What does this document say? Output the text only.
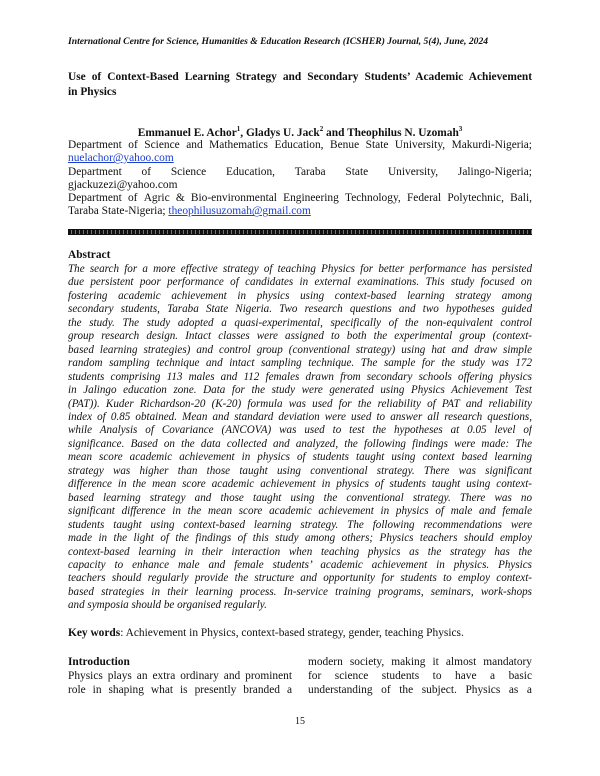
International Centre for Science, Humanities & Education Research (ICSHER) Journal, 5(4), June, 2024
Use of Context-Based Learning Strategy and Secondary Students’ Academic Achievement
in Physics
Emmanuel E. Achor$^1$, Gladys U. Jack$^2$ and Theophilus N. Uzomah$^3$
Department of Science and Mathematics Education, Benue State University, Makurdi-Nigeria;
nuelachor@yahoo.com
Department of Science Education, Taraba State University, Jalingo-Nigeria;
gjackuzezi@yahoo.com
Department of Agric & Bio-environmental Engineering Technology, Federal Polytechnic, Bali,
Taraba State-Nigeria; theophilusuzomah@gmail.com
Abstract
The search for a more effective strategy of teaching Physics for better performance has persisted
due persistent poor performance of candidates in external examinations. This study focused on
fostering academic achievement in physics using context-based learning strategy among
secondary students, Taraba State Nigeria. Two research questions and two hypotheses guided
the study. The study adopted a quasi-experimental, specifically of the non-equivalent control
group research design. Intact classes were assigned to both the experimental group (context-
based learning strategies) and control group (conventional strategy) using hat and draw simple
random sampling technique and intact sampling technique. The sample for the study was 172
students comprising 113 males and 112 females drawn from secondary schools offering physics
in Jalingo education zone. Data for the study were generated using Physics Achievement Test
(PAT)). Kuder Richardson-20 (K-20) formula was used for the reliability of PAT and reliability
index of 0.85 obtained. Mean and standard deviation were used to answer all research questions,
while Analysis of Covariance (ANCOVA) was used to test the hypotheses at 0.05 level of
significance. Based on the data collected and analyzed, the following findings were made: The
mean score academic achievement in physics of students taught using context based learning
strategy was higher than those taught using conventional strategy. There was significant
difference in the mean score academic achievement in physics of students taught using context-
based learning strategy and those taught using the conventional strategy. There was no
significant difference in the mean score academic achievement in physics of male and female
students taught using context-based learning strategy. The following recommendations were
made in the light of the findings of this study among others; Physics teachers should employ
context-based learning in their interaction when teaching physics as the strategy has the
capacity to enhance male and female students’ academic achievement in physics. Physics
teachers should regularly provide the structure and opportunity for students to employ context-
based strategies in their learning process. In-service training programs, seminars, work-shops
and symposia should be organised regularly.
Key words: Achievement in Physics, context-based strategy, gender, teaching Physics.
Introduction
Physics plays an extra ordinary and prominent
role in shaping what is presently branded a
modern society, making it almost mandatory
for science students to have a basic
understanding of the subject. Physics as a
15
